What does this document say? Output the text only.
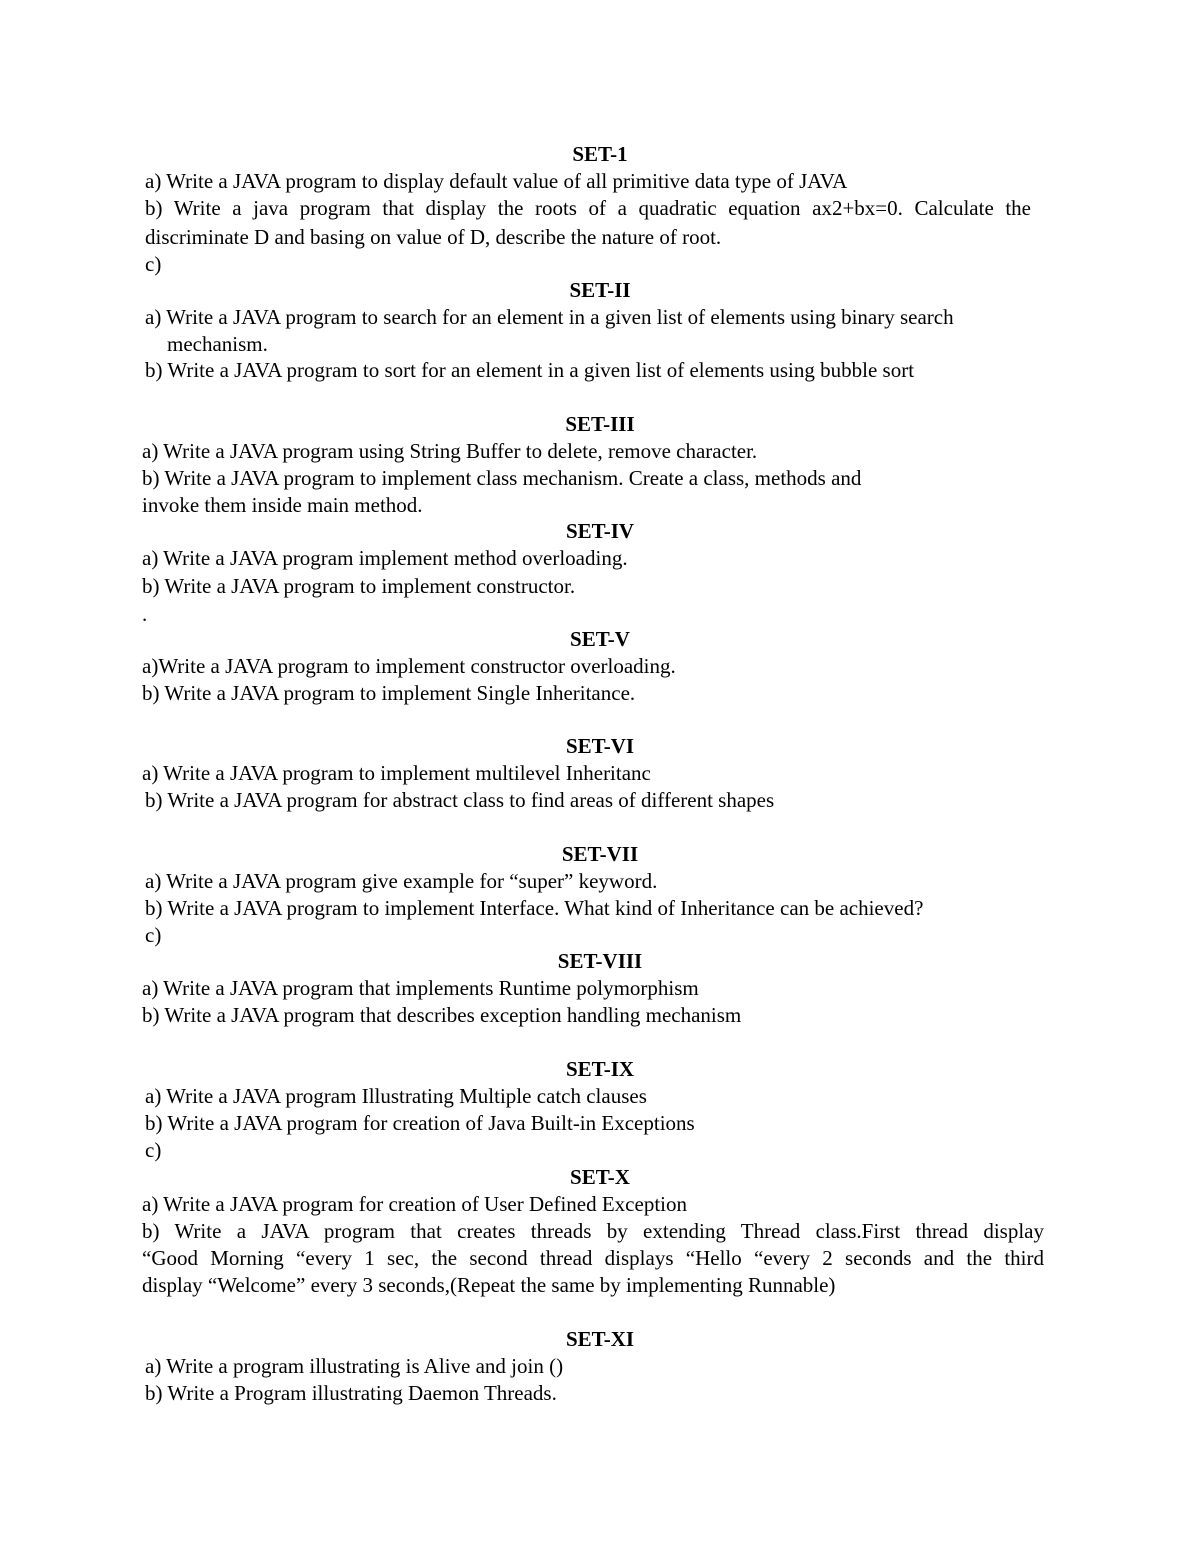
SET-1
a) Write a JAVA program to display default value of all primitive data type of JAVA
b) Write a java program that display the roots of a quadratic equation ax2+bx=0. Calculate the
discriminate D and basing on value of D, describe the nature of root.
c)
SET-II
a) Write a JAVA program to search for an element in a given list of elements using binary search
mechanism.
b) Write a JAVA program to sort for an element in a given list of elements using bubble sort
SET-III
a) Write a JAVA program using String Buffer to delete, remove character.
b) Write a JAVA program to implement class mechanism. Create a class, methods and
invoke them inside main method.
SET-IV
a) Write a JAVA program implement method overloading.
b) Write a JAVA program to implement constructor.
.
SET-V
a)Write a JAVA program to implement constructor overloading.
b) Write a JAVA program to implement Single Inheritance.
SET-VI
a) Write a JAVA program to implement multilevel Inheritanc
b) Write a JAVA program for abstract class to find areas of different shapes
SET-VII
a) Write a JAVA program give example for “super” keyword.
b) Write a JAVA program to implement Interface. What kind of Inheritance can be achieved?
c)
SET-VIII
a) Write a JAVA program that implements Runtime polymorphism
b) Write a JAVA program that describes exception handling mechanism
SET-IX
a) Write a JAVA program Illustrating Multiple catch clauses
b) Write a JAVA program for creation of Java Built-in Exceptions
c)
SET-X
a) Write a JAVA program for creation of User Defined Exception
b) Write a JAVA program that creates threads by extending Thread class.First thread display
“Good Morning “every 1 sec, the second thread displays “Hello “every 2 seconds and the third
display “Welcome” every 3 seconds,(Repeat the same by implementing Runnable)
SET-XI
a) Write a program illustrating is Alive and join ()
b) Write a Program illustrating Daemon Threads.
